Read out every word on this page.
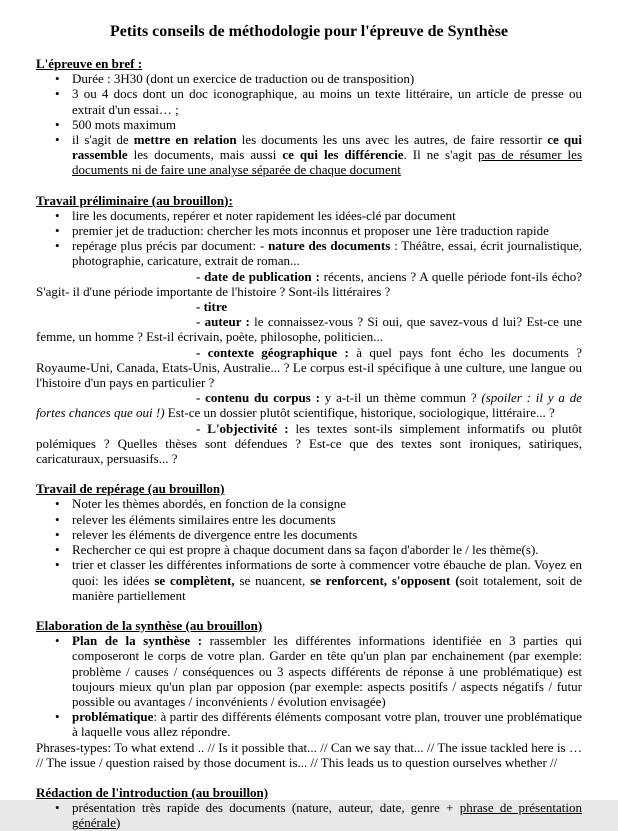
Petits conseils de méthodologie pour l'épreuve de Synthèse
L'épreuve en bref :
• Durée : 3H30 (dont un exercice de traduction ou de transposition)
• 3 ou 4 docs dont un doc iconographique, au moins un texte littéraire, un article de presse ou extrait d'un essai… ;
• 500 mots maximum
• il s'agit de mettre en relation les documents les uns avec les autres, de faire ressortir ce qui rassemble les documents, mais aussi ce qui les différencie. Il ne s'agit pas de résumer les documents ni de faire une analyse séparée de chaque document
Travail préliminaire (au brouillon):
• lire les documents, repérer et noter rapidement les idées-clé par document
• premier jet de traduction: chercher les mots inconnus et proposer une 1ère traduction rapide
• repérage plus précis par document: - nature des documents : Théâtre, essai, écrit journalistique, photographie, caricature, extrait de roman...
- date de publication : récents, anciens ? A quelle période font-ils écho? S'agit- il d'une période importante de l'histoire ? Sont-ils littéraires ?
- titre
- auteur : le connaissez-vous ? Si oui, que savez-vous d lui? Est-ce une femme, un homme ? Est-il écrivain, poète, philosophe, politicien...
- contexte géographique : à quel pays font écho les documents ? Royaume-Uni, Canada, Etats-Unis, Australie... ? Le corpus est-il spécifique à une culture, une langue ou l'histoire d'un pays en particulier ?
- contenu du corpus : y a-t-il un thème commun ? (spoiler : il y a de fortes chances que oui !) Est-ce un dossier plutôt scientifique, historique, sociologique, littéraire... ?
- L'objectivité : les textes sont-ils simplement informatifs ou plutôt polémiques ? Quelles thèses sont défendues ? Est-ce que des textes sont ironiques, satiriques, caricaturaux, persuasifs... ?
Travail de repérage (au brouillon)
• Noter les thèmes abordés, en fonction de la consigne
• relever les éléments similaires entre les documents
• relever les éléments de divergence entre les documents
• Rechercher ce qui est propre à chaque document dans sa façon d'aborder le / les thème(s).
• trier et classer les différentes informations de sorte à commencer votre ébauche de plan. Voyez en quoi: les idées se complètent, se nuancent, se renforcent, s'opposent (soit totalement, soit de manière partiellement
Elaboration de la synthèse (au brouillon)
• Plan de la synthèse : rassembler les différentes informations identifiée en 3 parties qui composeront le corps de votre plan. Garder en tête qu'un plan par enchainement (par exemple: problème / causes / conséquences ou 3 aspects différents de réponse à une problématique) est toujours mieux qu'un plan par opposion (par exemple: aspects positifs / aspects négatifs / futur possible ou avantages / inconvénients / évolution envisagée)
• problématique: à partir des différents éléments composant votre plan, trouver une problématique à laquelle vous allez répondre.
Phrases-types: To what extend .. // Is it possible that... // Can we say that... // The issue tackled here is … // The issue / question raised by those document is... // This leads us to question ourselves whether //
Rédaction de l'introduction (au brouillon)
• présentation très rapide des documents (nature, auteur, date, genre + phrase de présentation générale)
